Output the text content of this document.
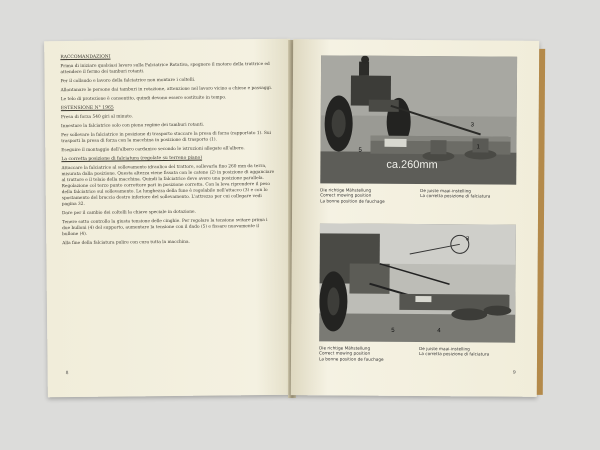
RACCOMANDAZIONI

Prima di iniziare qualsiasi lavoro sulla Falciatrice Rotativa, spegnere il motore della trattrice ed attendere il fermo dei tamburi rotanti.

Per il collaudo e lavoro della falciatrice non montare i coltelli.

Allontanare le persone dai tamburi in rotazione, attenzione nel lavoro vicino a chiese e passaggi.

Le telo di protezione è consentito, quindi devono essere sostituite in tempo.

ESTENSIONE N° 1965

Presa di forza 540 giri al minuto.

Innestare la falciatrice solo con piena regime dei tamburi rotanti.

Per sollevare la falciatrice in posizione di trasporto staccare la presa di forza (rapportato 1). Sui trasporti la presa di forza con la macchina in posizione di trasporto (1).

Eseguire il montaggio dell'albero cardanico secondo le istruzioni allegate all'albero.

La corretta posizione di falciatura (regolate su terreno piano)

Attaccare la falciatrice al sollevamento idraulico del trattore, sollevarla fino 260 mm da terra, misurata dalla posizione. Questa altezza viene fissata con le catene (2) in posizione di agganciare al trattore e il telaio della macchina. Quindi la falciatrice deve avere una posizione parallela. Regolazione col terzo punto correttore pari in posizione corretta. Con la leva riprendere il peso della falciatrice sul sollevamento. La lunghezza della fune è regolabile nell'attacco (3) e con lo spostamento del braccio destro inferiore del sollevamento. L'attrezzo per cui collegare vedi pagina 32.

Dare per il cambio dei coltelli la chiave speciale in dotazione.

Tenere sotto controllo la giusta tensione delle cinghie. Per regolare la tensione svitare prima i due bulloni (4) del supporto, aumentare la tensione con il dado (5) e fissare nuovamente il bullone (4).

Alla fine della falciatura pulire con cura tutta la macchina.

8
ca.260mm
3
5
1
Die richtige Mähstellung
Correct mowing position
La bonne position de fauchage
De juiste maai-instelling
La corretta posizione di falciatura
5	4
3
Die richtige Mähstellung
Correct mowing position
La bonne position de fauchage
De juiste maai-instelling
La corretta posizione di falciatura
9
